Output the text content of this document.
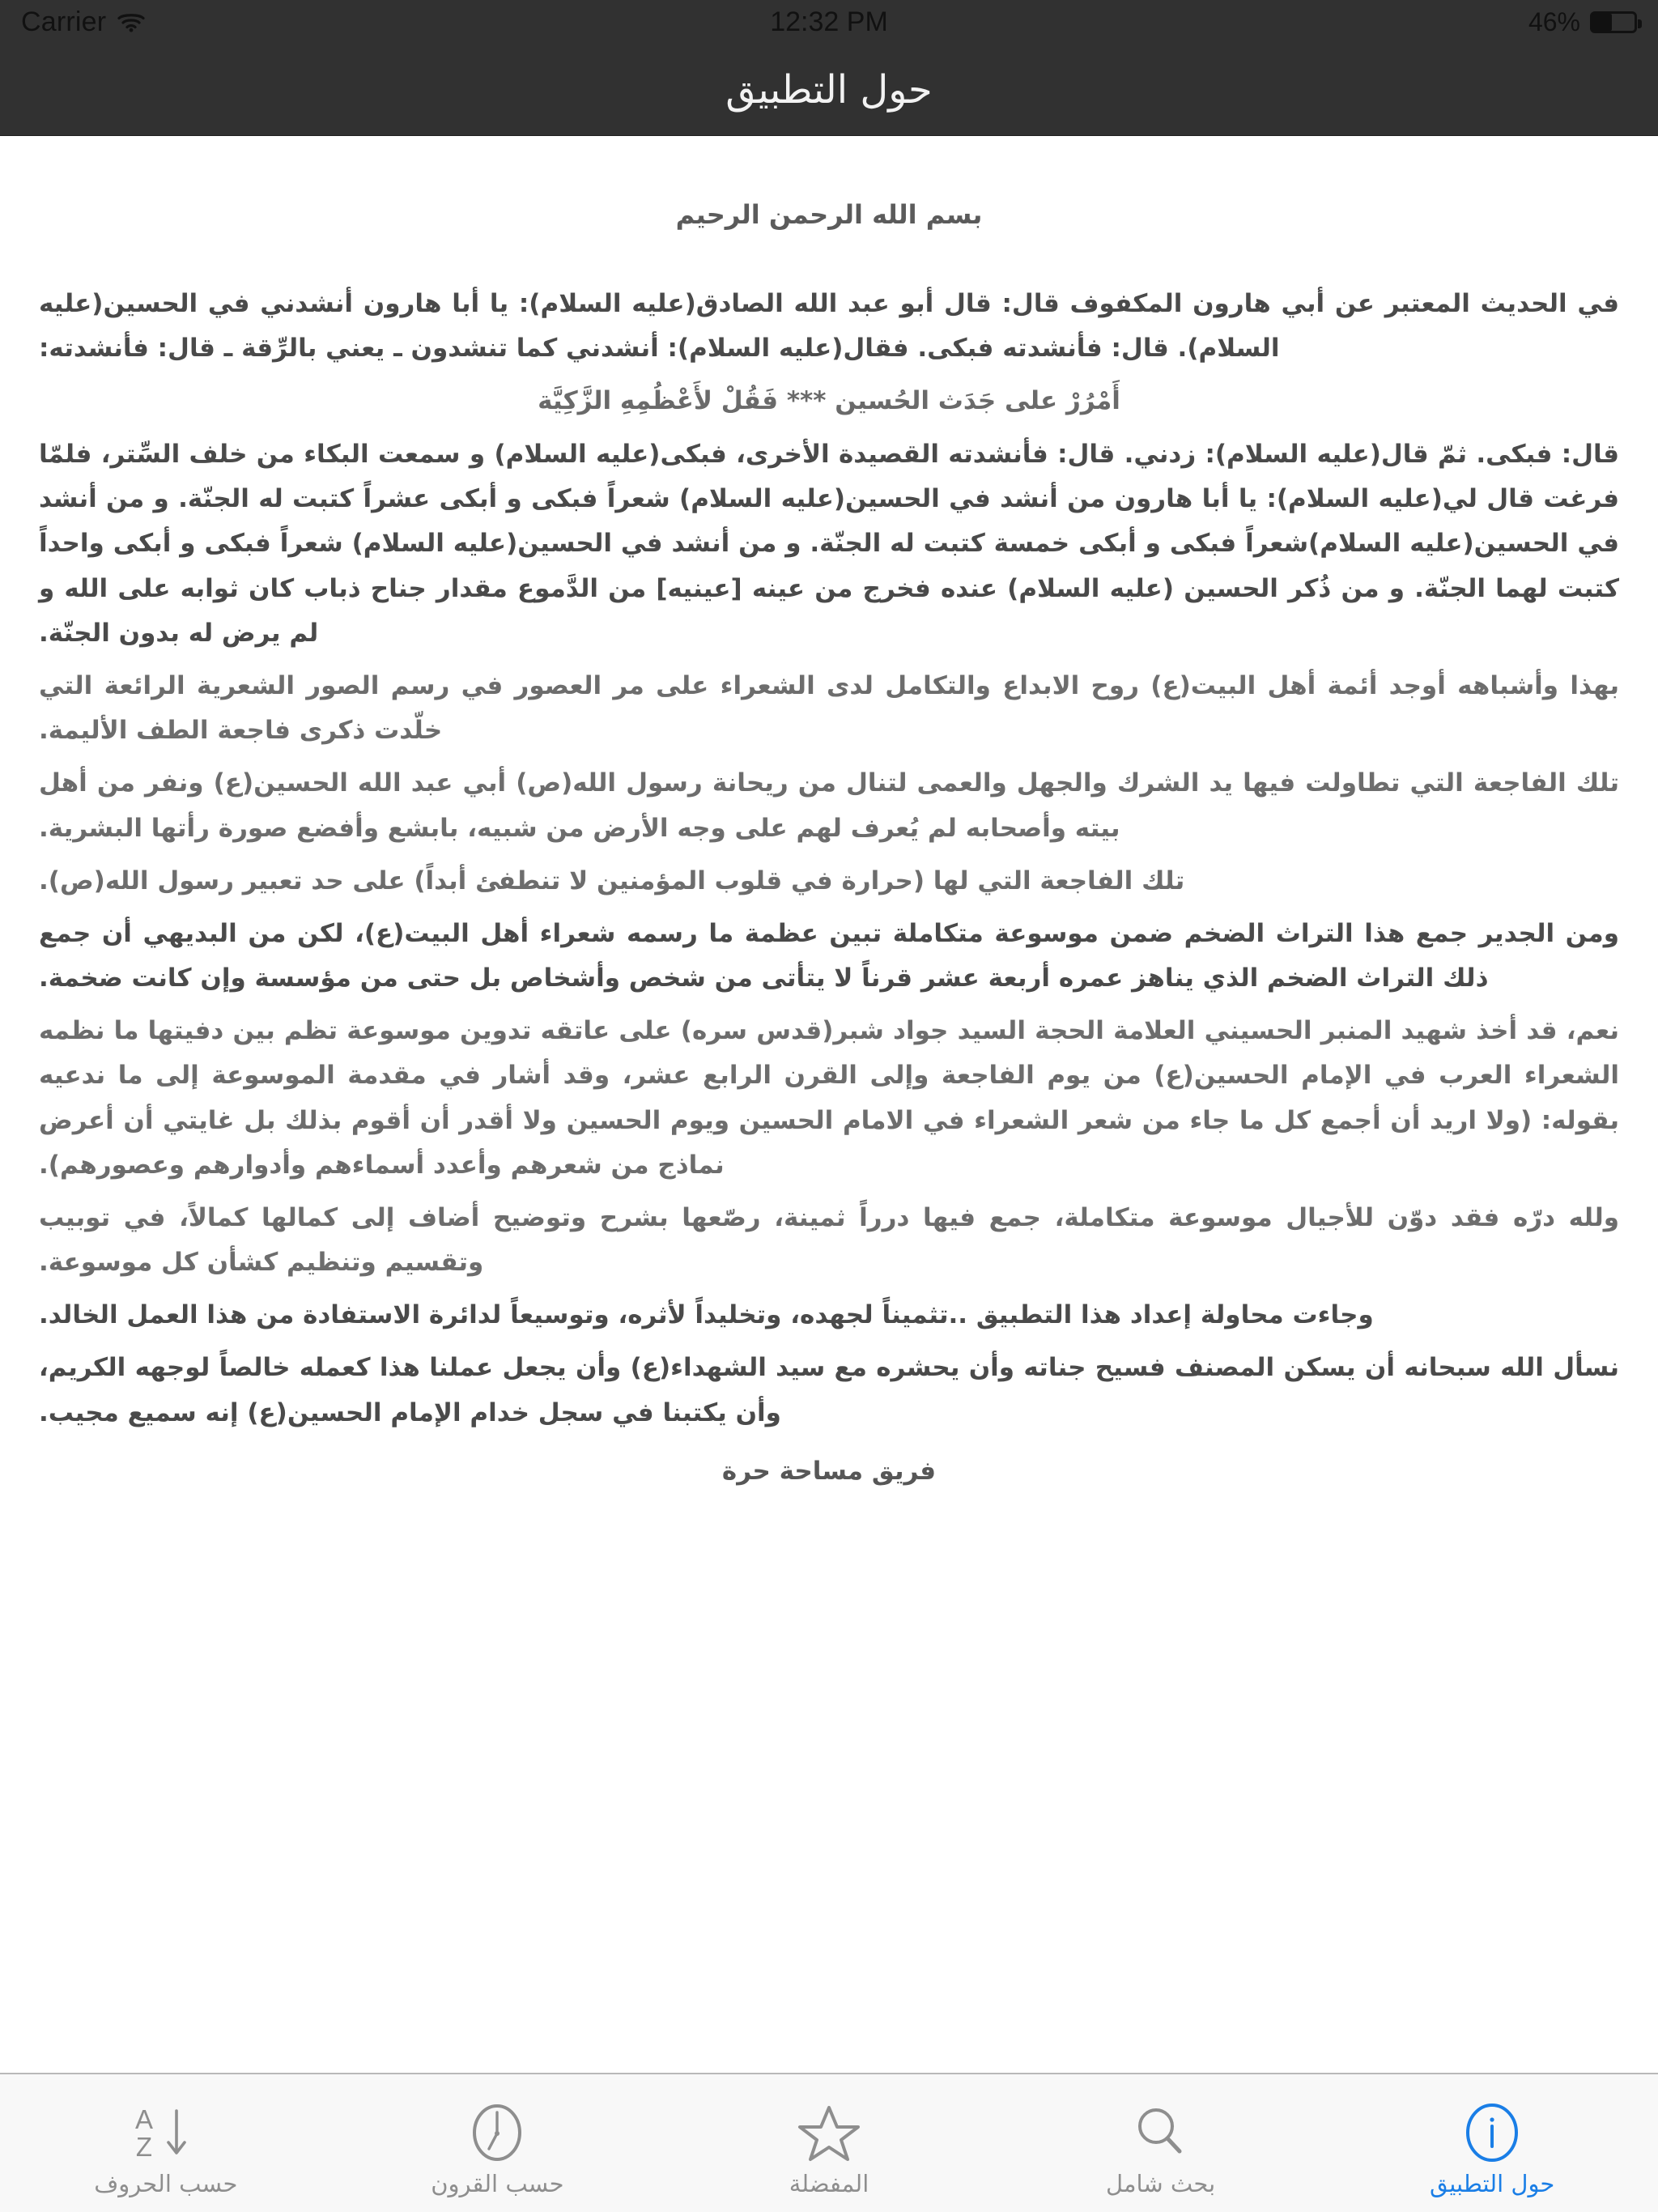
Carrier	12:32 PM	46%
حول التطبيق
بسم الله الرحمن الرحيم

في الحديث المعتبر عن أبي هارون المكفوف قال: قال أبو عبد الله الصادق(عليه السلام): يا أبا هارون أنشدني في الحسين(عليه السلام). قال: فأنشدته فبكى. فقال(عليه السلام): أنشدني كما تنشدون ـ يعني بالرِّقة ـ قال: فأنشدته:

أَمْرُرْ على جَدَث الحُسين *** فَقُلْ لأَعْظُمِهِ الزَّكِيَّة

قال: فبكى. ثمّ قال(عليه السلام): زدني. قال: فأنشدته القصيدة الأخرى، فبكى(عليه السلام) و سمعت البكاء من خلف السِّتر، فلمّا فرغت قال لي(عليه السلام): يا أبا هارون من أنشد في الحسين(عليه السلام) شعراً فبكى و أبكى عشراً كتبت له الجنّة. و من أنشد في الحسين(عليه السلام)شعراً فبكى و أبكى خمسة كتبت له الجنّة. و من أنشد في الحسين(عليه السلام) شعراً فبكى و أبكى واحداً كتبت لهما الجنّة. و من ذُكر الحسين (عليه السلام) عنده فخرج من عينه [عينيه] من الدَّموع مقدار جناح ذباب كان ثوابه على الله و لم يرض له بدون الجنّة.

بهذا وأشباهه أوجد أئمة أهل البيت(ع) روح الابداع والتكامل لدى الشعراء على مر العصور في رسم الصور الشعرية الرائعة التي خلّدت ذكرى فاجعة الطف الأليمة.

تلك الفاجعة التي تطاولت فيها يد الشرك والجهل والعمى لتنال من ريحانة رسول الله(ص) أبي عبد الله الحسين(ع) ونفر من أهل بيته وأصحابه لم يُعرف لهم على وجه الأرض من شبيه، بابشع وأفضع صورة رأتها البشرية.

تلك الفاجعة التي لها (حرارة في قلوب المؤمنين لا تنطفئ أبداً) على حد تعبير رسول الله(ص).

ومن الجدير جمع هذا التراث الضخم ضمن موسوعة متكاملة تبين عظمة ما رسمه شعراء أهل البيت(ع)، لكن من البديهي أن جمع ذلك التراث الضخم الذي يناهز عمره أربعة عشر قرناً لا يتأتى من شخص وأشخاص بل حتى من مؤسسة وإن كانت ضخمة.

نعم، قد أخذ شهيد المنبر الحسيني العلامة الحجة السيد جواد شبر(قدس سره) على عاتقه تدوين موسوعة تظم بين دفيتها ما نظمه الشعراء العرب في الإمام الحسين(ع) من يوم الفاجعة وإلى القرن الرابع عشر، وقد أشار في مقدمة الموسوعة إلى ما ندعيه بقوله: (ولا اريد أن أجمع كل ما جاء من شعر الشعراء في الامام الحسين ويوم الحسين ولا أقدر أن أقوم بذلك بل غايتي أن أعرض نماذج من شعرهم وأعدد أسماءهم وأدوارهم وعصورهم).

ولله درّه فقد دوّن للأجيال موسوعة متكاملة، جمع فيها درراً ثمينة، رصّعها بشرح وتوضيح أضاف إلى كمالها كمالاً، في توبيب وتقسيم وتنظيم كشأن كل موسوعة.

وجاءت محاولة إعداد هذا التطبيق ..تثميناً لجهده، وتخليداً لأثره، وتوسيعاً لدائرة الاستفادة من هذا العمل الخالد.

نسأل الله سبحانه أن يسكن المصنف فسيح جناته وأن يحشره مع سيد الشهداء(ع) وأن يجعل عملنا هذا كعمله خالصاً لوجهه الكريم، وأن يكتبنا في سجل خدام الإمام الحسين(ع) إنه سميع مجيب.

فريق مساحة حرة
حول التطبيق
بحث شامل
المفضلة
حسب القرون
A
Z
حسب الحروف
